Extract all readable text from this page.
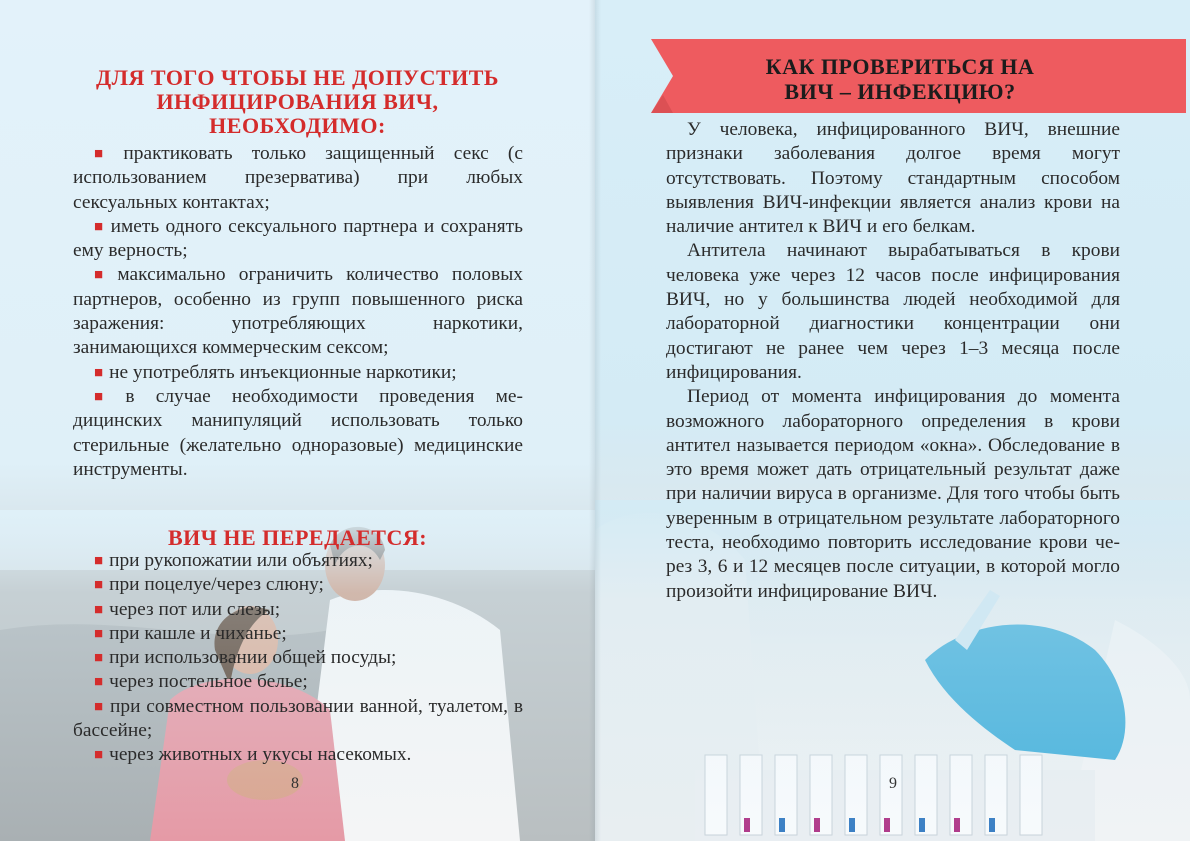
ДЛЯ ТОГО ЧТОБЫ НЕ ДОПУСТИТЬ
ИНФИЦИРОВАНИЯ ВИЧ,
НЕОБХОДИМО:

■ практиковать только защищенный секс (с использованием презерватива) при любых сексуальных контактах;

■ иметь одного сексуального партнера и сохранять ему верность;

■ максимально ограничить количество половых партнеров, особенно из групп повышенного риска заражения: употребляющих наркотики, занимающихся коммерческим сексом;

■ не употреблять инъекционные наркотики;

■ в случае необходимости проведения медицинских манипуляций использовать только стерильные (желательно одноразовые) медицинские инструменты.

ВИЧ НЕ ПЕРЕДАЕТСЯ:

■ при рукопожатии или объятиях;

■ при поцелуе/через слюну;

■ через пот или слезы;

■ при кашле и чиханье;

■ при использовании общей посуды;

■ через постельное белье;

■ при совместном пользовании ванной, туалетом, в бассейне;

■ через животных и укусы насекомых.

8
КАК ПРОВЕРИТЬСЯ НА
ВИЧ – ИНФЕКЦИЮ?

У человека, инфицированного ВИЧ, внешние признаки заболевания долгое время могут отсутствовать. Поэтому стандартным способом выявления ВИЧ-инфекции является анализ крови на наличие антител к ВИЧ и его белкам.

Антитела начинают вырабатываться в крови человека уже через 12 часов после инфицирования ВИЧ, но у большинства людей необходимой для лабораторной диагностики концентрации они достигают не ранее чем через 1–3 месяца после инфицирования.

Период от момента инфицирования до момента возможного лабораторного определения в крови антител называется периодом «окна». Обследование в это время может дать отрицательный результат даже при наличии вируса в организме. Для того чтобы быть уверенным в отрицательном результате лабораторного теста, необходимо повторить исследование крови через 3, 6 и 12 месяцев после ситуации, в которой могло произойти инфицирование ВИЧ.

9
